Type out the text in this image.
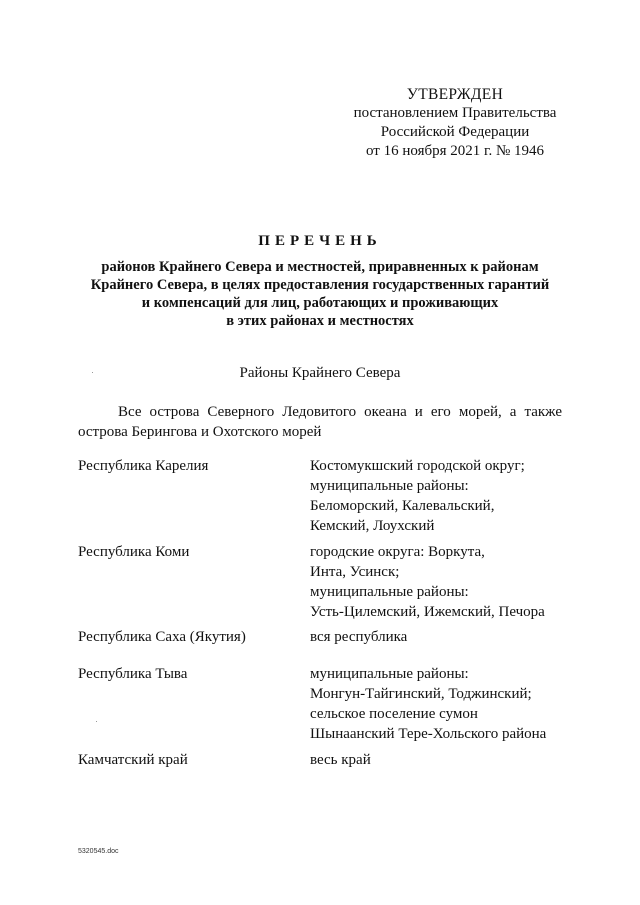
УТВЕРЖДЕН
постановлением Правительства
Российской Федерации
от 16 ноября 2021 г. № 1946
ПЕРЕЧЕНЬ
районов Крайнего Севера и местностей, приравненных к районам
Крайнего Севера, в целях предоставления государственных гарантий
и компенсаций для лиц, работающих и проживающих
в этих районах и местностях
Районы Крайнего Севера
Все острова Северного Ледовитого океана и его морей, а также острова Берингова и Охотского морей
Республика Карелия	Костомукшский городской округ;
муниципальные районы:
Беломорский, Калевальский,
Кемский, Лоухский
Республика Коми	городские округа: Воркута,
Инта, Усинск;
муниципальные районы:
Усть-Цилемский, Ижемский, Печора
Республика Саха (Якутия)	вся республика
Республика Тыва	муниципальные районы:
Монгун-Тайгинский, Тоджинский;
сельское поселение сумон
Шынаанский Тере-Хольского района
Камчатский край	весь край
5320545.doc
